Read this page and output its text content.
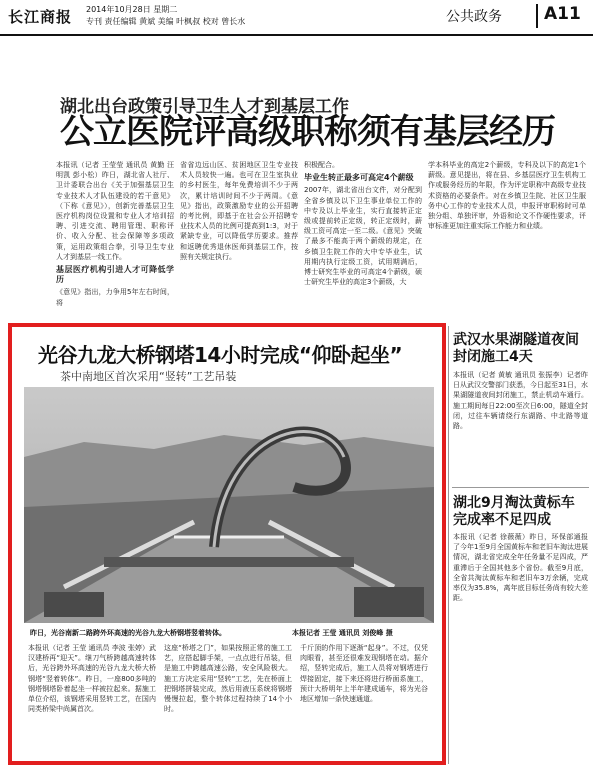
长江商报 2014年10月28日 星期二
专刊 责任编辑 黄斌 美编 叶枫叔 校对 曾长水	公共政务	A11
湖北出台政策引导卫生人才到基层工作
公立医院评高级职称须有基层经历
本报讯（记者 王莹莹 通讯员 黄勤 汪明凯 彭小松）昨日，湖北省人社厅、卫计委联合出台《关于加强基层卫生专业技术人才队伍建设的若干意见》（下称《意见》），创新完善基层卫生医疗机构岗位设置和专业人才培训招聘、引进交流、聘用管理、职称评价、收入分配、社会保障等多项政策，运用政策组合拳，引导卫生专业人才到基层一线工作。
基层医疗机构引进人才可降低学历
《意见》指出，力争用5年左右时间，将
省省边远山区、贫困地区卫生专业技术人员较快一遍。也可在卫生室执业的乡村医生，每年免费培训不少于两次，累计培训时间不少于两周。《意见》指出，政策激励专业的公开招聘的考比例，即基于在社会公开招聘专业技术人员的比例可提高到1:3，对于紧缺专业，可以降低学历要求。推荐和返聘优秀退休医师到基层工作，按照有关规定执行。
积极配合。
毕业生转正最多可高定4个薪级
2007年，湖北省出台文件，对分配到全省乡镇及以下卫生事业单位工作的中专及以上毕业生，实行直接转正定级或提前转正定级，转正定级时，薪级工资可高定一至二级。《意见》突破了最多不能高于两个薪级的规定，在乡镇卫生院工作的大中专毕业生，试用期内执行定级工资，试用期满后，博士研究生毕业的可高定4个薪级，硕士研究生毕业的高定3个薪级，大
学本科毕业的高定2个薪级，专科及以下的高定1个薪级。意见提出，将在县、乡基层医疗卫生机构工作或服务经历的年限，作为评定职称中高级专业技术资格的必要条件。对在乡镇卫生院、社区卫生服务中心工作的专业技术人员，申报评审职称时可单独分组、单独评审，外语和论文不作硬性要求，评审标准更加注重实际工作能力和业绩。
光谷九龙大桥钢塔14小时完成“仰卧起坐”
茶中南地区首次采用“竖转”工艺吊装
昨日，光谷南新二路跨外环高速的光谷九龙大桥钢塔竖着转体。	本报记者 王莹 通讯员 刘俊峰 摄
本报讯（记者 王莹 通讯员 李波 张婷）武汉建桥再“迎天”。继刀气桥跨越高速转体后，光谷跨外环高速的光谷九龙大桥大桥钢塔“竖着转体”。昨日，一座800多吨的钢塔钢塔卧着起坐一样被拉起来。据施工单位介绍，该钢塔采用竖转工艺，在国内同类桥梁中尚属首次。
这座“桥塔之门”，如果按照正常的施工工艺，应搭起脚手架，一点点进行吊装，但是施工中跨越高速公路，安全风险极大。施工方决定采用“竖转”工艺，先在桥面上把钢塔拼装完成，然后用液压系统将钢塔慢慢拉起，整个转体过程持续了14个小时。
千斤顶的作用下逐渐“起身”。不过，仅凭肉眼看，甚至还很难发现钢塔在动。据介绍，竖转完成后，施工人员将对钢塔进行焊接固定，接下来还将进行桥面系施工，预计大桥明年上半年建成通车，将为光谷地区增加一条快速通道。
武汉水果湖隧道夜间封闭施工4天
本报讯（记者 黄敏 通讯员 张振李）记者昨日从武汉交警部门获悉，今日起至31日，水果湖隧道夜间封闭施工，禁止机动车通行。施工期间每日22:00至次日6:00，隧道全封闭，过往车辆请绕行东湖路、中北路等道路。
湖北9月淘汰黄标车完成率不足四成
本报讯（记者 徐薇薇）昨日，环保部通报了今年1至9月全国黄标车和老旧车淘汰进展情况，湖北省完成全年任务量不足四成，严重滞后于全国其他多个省份。截至9月底，全省共淘汰黄标车和老旧车3万余辆，完成率仅为35.8%，离年底目标任务尚有较大差距。
